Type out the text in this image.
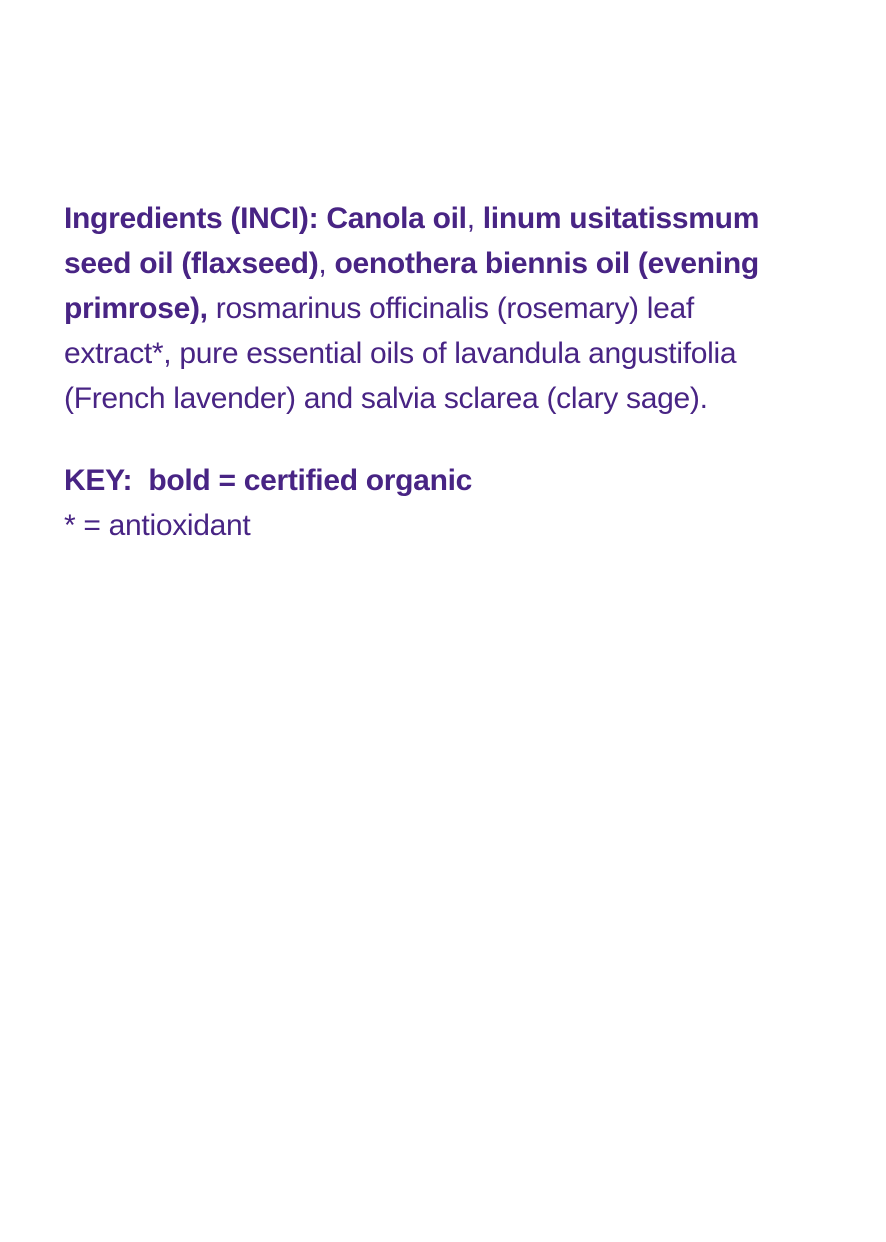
Ingredients (INCI): Canola oil, linum usitatissmum
seed oil (flaxseed), oenothera biennis oil (evening
primrose), rosmarinus officinalis (rosemary) leaf
extract*, pure essential oils of lavandula angustifolia
(French lavender) and salvia sclarea (clary sage).
KEY:  bold = certified organic
* = antioxidant
